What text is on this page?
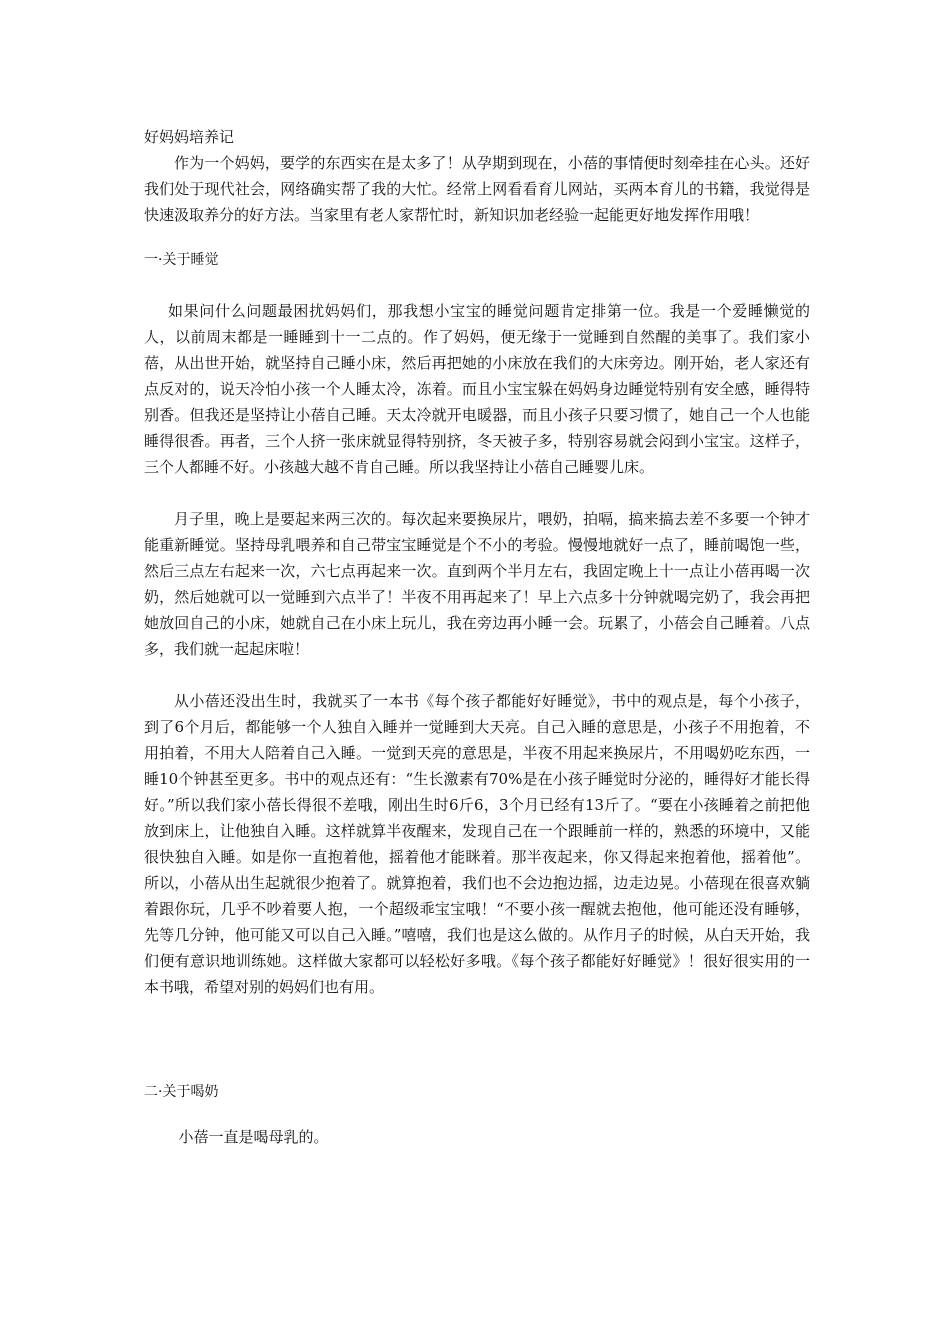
好妈妈培养记

作为一个妈妈，要学的东西实在是太多了！从孕期到现在，小蓓的事情便时刻牵挂在心头。还好我们处于现代社会，网络确实帮了我的大忙。经常上网看看育儿网站，买两本育儿的书籍，我觉得是快速汲取养分的好方法。当家里有老人家帮忙时，新知识加老经验一起能更好地发挥作用哦！

一·关于睡觉

如果问什么问题最困扰妈妈们，那我想小宝宝的睡觉问题肯定排第一位。我是一个爱睡懒觉的人，以前周末都是一睡睡到十一二点的。作了妈妈，便无缘于一觉睡到自然醒的美事了。我们家小蓓，从出世开始，就坚持自己睡小床，然后再把她的小床放在我们的大床旁边。刚开始，老人家还有点反对的，说天冷怕小孩一个人睡太冷，冻着。而且小宝宝躲在妈妈身边睡觉特别有安全感，睡得特别香。但我还是坚持让小蓓自己睡。天太冷就开电暖器，而且小孩子只要习惯了，她自己一个人也能睡得很香。再者，三个人挤一张床就显得特别挤，冬天被子多，特别容易就会闷到小宝宝。这样子，三个人都睡不好。小孩越大越不肯自己睡。所以我坚持让小蓓自己睡婴儿床。

月子里，晚上是要起来两三次的。每次起来要换尿片，喂奶，拍嗝，搞来搞去差不多要一个钟才能重新睡觉。坚持母乳喂养和自己带宝宝睡觉是个不小的考验。慢慢地就好一点了，睡前喝饱一些，然后三点左右起来一次，六七点再起来一次。直到两个半月左右，我固定晚上十一点让小蓓再喝一次奶，然后她就可以一觉睡到六点半了！半夜不用再起来了！早上六点多十分钟就喝完奶了，我会再把她放回自己的小床，她就自己在小床上玩儿，我在旁边再小睡一会。玩累了，小蓓会自己睡着。八点多，我们就一起起床啦！

从小蓓还没出生时，我就买了一本书《每个孩子都能好好睡觉》，书中的观点是，每个小孩子，到了6个月后，都能够一个人独自入睡并一觉睡到大天亮。自己入睡的意思是，小孩子不用抱着，不用拍着，不用大人陪着自己入睡。一觉到天亮的意思是，半夜不用起来换尿片，不用喝奶吃东西，一睡10个钟甚至更多。书中的观点还有：“生长激素有70%是在小孩子睡觉时分泌的，睡得好才能长得好。”所以我们家小蓓长得很不差哦，刚出生时6斤6，3个月已经有13斤了。“要在小孩睡着之前把他放到床上，让他独自入睡。这样就算半夜醒来，发现自己在一个跟睡前一样的，熟悉的环境中，又能很快独自入睡。如是你一直抱着他，摇着他才能眯着。那半夜起来，你又得起来抱着他，摇着他”。所以，小蓓从出生起就很少抱着了。就算抱着，我们也不会边抱边摇，边走边晃。小蓓现在很喜欢躺着跟你玩，几乎不吵着要人抱，一个超级乖宝宝哦！“不要小孩一醒就去抱他，他可能还没有睡够，先等几分钟，他可能又可以自己入睡。”嘻嘻，我们也是这么做的。从作月子的时候，从白天开始，我们便有意识地训练她。这样做大家都可以轻松好多哦。《每个孩子都能好好睡觉》！很好很实用的一本书哦，希望对别的妈妈们也有用。

二·关于喝奶

小蓓一直是喝母乳的。
